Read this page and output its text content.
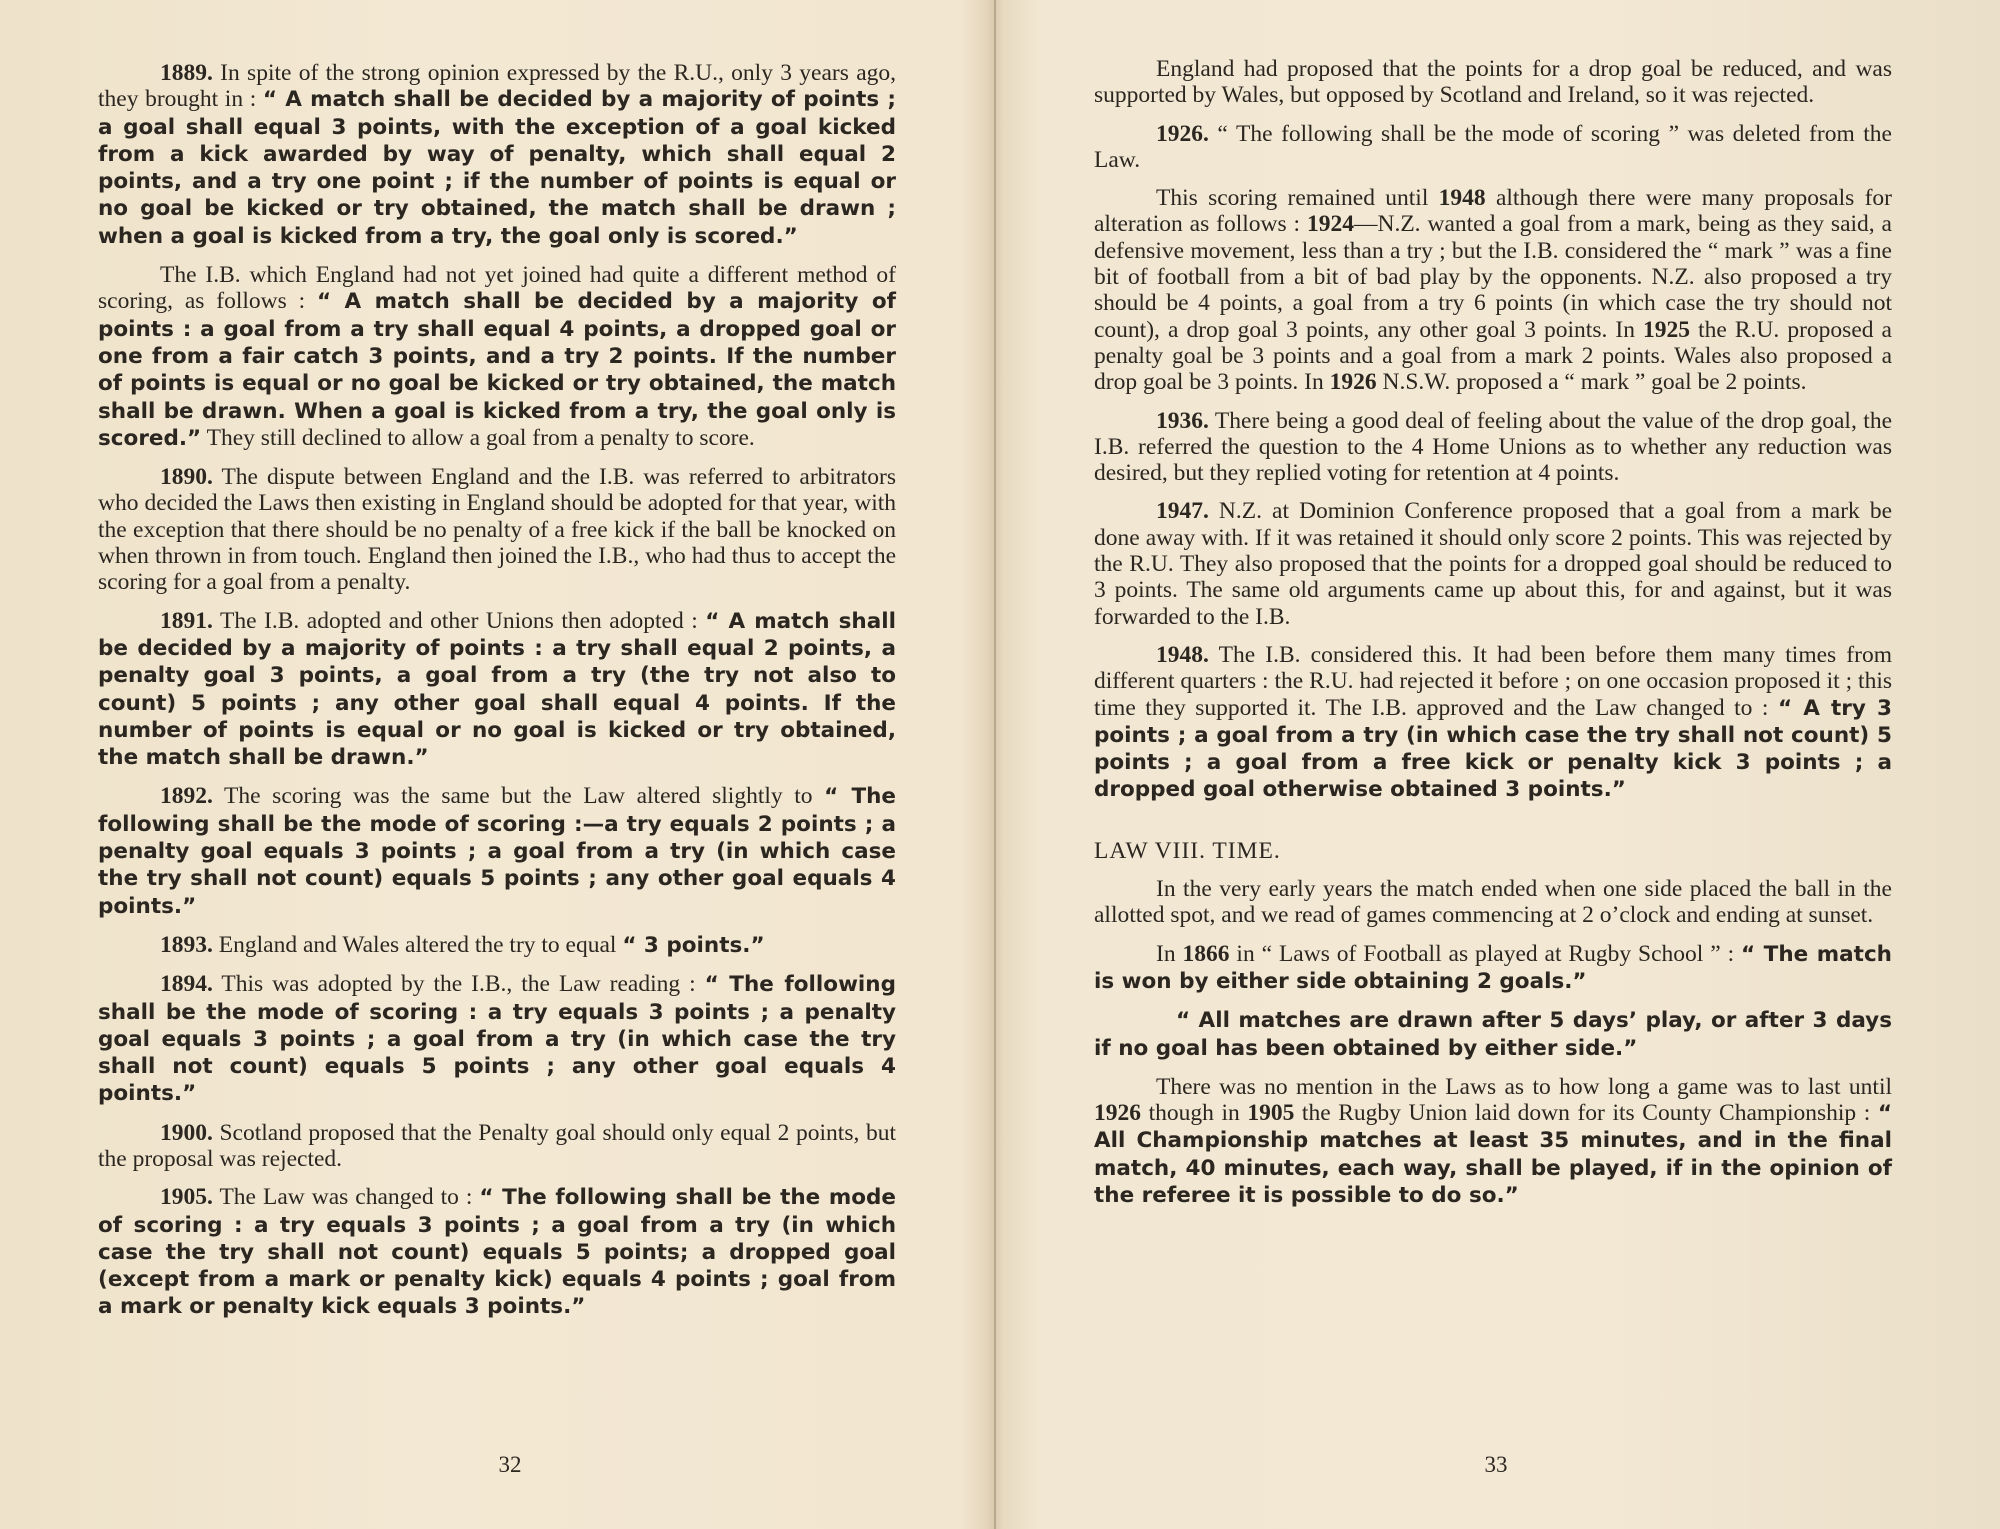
1889. In spite of the strong opinion expressed by the R.U., only 3 years ago, they brought in : “ A match shall be decided by a majority of points ; a goal shall equal 3 points, with the exception of a goal kicked from a kick awarded by way of penalty, which shall equal 2 points, and a try one point ; if the number of points is equal or no goal be kicked or try obtained, the match shall be drawn ; when a goal is kicked from a try, the goal only is scored.”

The I.B. which England had not yet joined had quite a different method of scoring, as follows : “ A match shall be decided by a majority of points : a goal from a try shall equal 4 points, a dropped goal or one from a fair catch 3 points, and a try 2 points. If the number of points is equal or no goal be kicked or try obtained, the match shall be drawn. When a goal is kicked from a try, the goal only is scored.” They still declined to allow a goal from a penalty to score.

1890. The dispute between England and the I.B. was referred to arbitrators who decided the Laws then existing in England should be adopted for that year, with the exception that there should be no penalty of a free kick if the ball be knocked on when thrown in from touch. England then joined the I.B., who had thus to accept the scoring for a goal from a penalty.

1891. The I.B. adopted and other Unions then adopted : “ A match shall be decided by a majority of points : a try shall equal 2 points, a penalty goal 3 points, a goal from a try (the try not also to count) 5 points ; any other goal shall equal 4 points. If the number of points is equal or no goal is kicked or try obtained, the match shall be drawn.”

1892. The scoring was the same but the Law altered slightly to “ The following shall be the mode of scoring :—a try equals 2 points ; a penalty goal equals 3 points ; a goal from a try (in which case the try shall not count) equals 5 points ; any other goal equals 4 points.”

1893. England and Wales altered the try to equal “ 3 points.”

1894. This was adopted by the I.B., the Law reading : “ The following shall be the mode of scoring : a try equals 3 points ; a penalty goal equals 3 points ; a goal from a try (in which case the try shall not count) equals 5 points ; any other goal equals 4 points.”

1900. Scotland proposed that the Penalty goal should only equal 2 points, but the proposal was rejected.

1905. The Law was changed to : “ The following shall be the mode of scoring : a try equals 3 points ; a goal from a try (in which case the try shall not count) equals 5 points; a dropped goal (except from a mark or penalty kick) equals 4 points ; goal from a mark or penalty kick equals 3 points.”

32

England had proposed that the points for a drop goal be reduced, and was supported by Wales, but opposed by Scotland and Ireland, so it was rejected.

1926. “ The following shall be the mode of scoring ” was deleted from the Law.

This scoring remained until 1948 although there were many proposals for alteration as follows : 1924—N.Z. wanted a goal from a mark, being as they said, a defensive movement, less than a try ; but the I.B. considered the “ mark ” was a fine bit of football from a bit of bad play by the opponents. N.Z. also proposed a try should be 4 points, a goal from a try 6 points (in which case the try should not count), a drop goal 3 points, any other goal 3 points. In 1925 the R.U. proposed a penalty goal be 3 points and a goal from a mark 2 points. Wales also proposed a drop goal be 3 points. In 1926 N.S.W. proposed a “ mark ” goal be 2 points.

1936. There being a good deal of feeling about the value of the drop goal, the I.B. referred the question to the 4 Home Unions as to whether any reduction was desired, but they replied voting for retention at 4 points.

1947. N.Z. at Dominion Conference proposed that a goal from a mark be done away with. If it was retained it should only score 2 points. This was rejected by the R.U. They also proposed that the points for a dropped goal should be reduced to 3 points. The same old arguments came up about this, for and against, but it was forwarded to the I.B.

1948. The I.B. considered this. It had been before them many times from different quarters : the R.U. had rejected it before ; on one occasion proposed it ; this time they supported it. The I.B. approved and the Law changed to : “ A try 3 points ; a goal from a try (in which case the try shall not count) 5 points ; a goal from a free kick or penalty kick 3 points ; a dropped goal otherwise obtained 3 points.”

LAW VIII. TIME.

In the very early years the match ended when one side placed the ball in the allotted spot, and we read of games commencing at 2 o’clock and ending at sunset.

In 1866 in “ Laws of Football as played at Rugby School ” : “ The match is won by either side obtaining 2 goals.”

“ All matches are drawn after 5 days’ play, or after 3 days if no goal has been obtained by either side.”

There was no mention in the Laws as to how long a game was to last until 1926 though in 1905 the Rugby Union laid down for its County Championship : “ All Championship matches at least 35 minutes, and in the final match, 40 minutes, each way, shall be played, if in the opinion of the referee it is possible to do so.”

33
